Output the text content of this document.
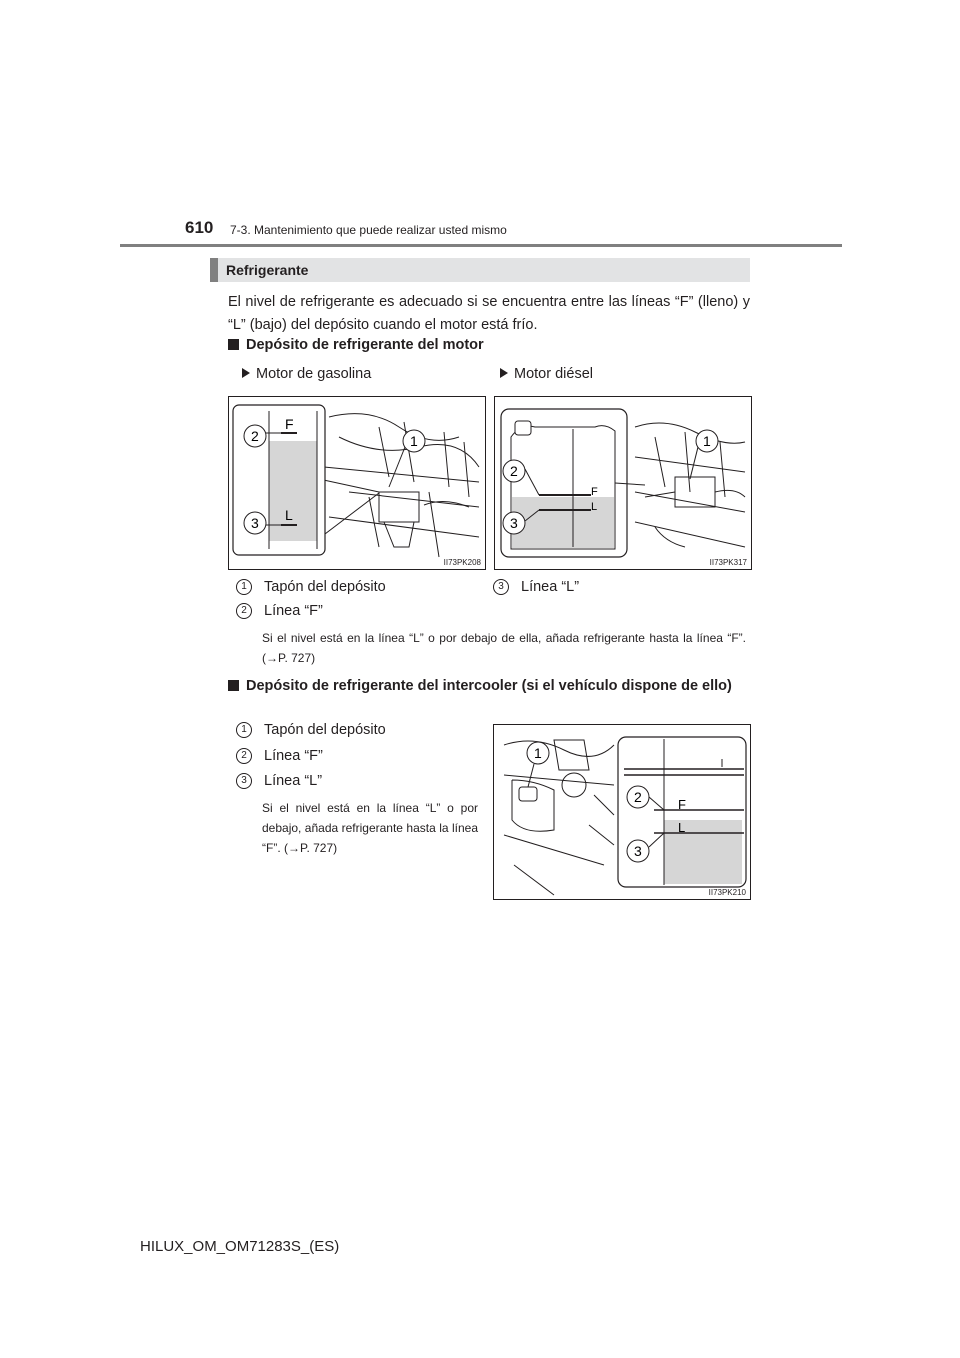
610 7-3. Mantenimiento que puede realizar usted mismo
Refrigerante
El nivel de refrigerante es adecuado si se encuentra entre las líneas “F” (lleno) y “L” (bajo) del depósito cuando el motor está frío.
Depósito de refrigerante del motor
Motor de gasolina	Motor diésel
F
L
2
3
1
II73PK208
F
L
2
3
1
II73PK317
1	Tapón del depósito	3	Línea “L”
2	Línea “F”
Si el nivel está en la línea “L” o por debajo de ella, añada refrigerante hasta la línea “F”. (→P. 727)
Depósito de refrigerante del intercooler (si el vehículo dispone de ello)
1	Tapón del depósito
2	Línea “F”
3	Línea “L”
Si el nivel está en la línea “L” o por debajo, añada refrigerante hasta la línea “F”. (→P. 727)
F
L
2
3
1
II73PK210
HILUX_OM_OM71283S_(ES)
